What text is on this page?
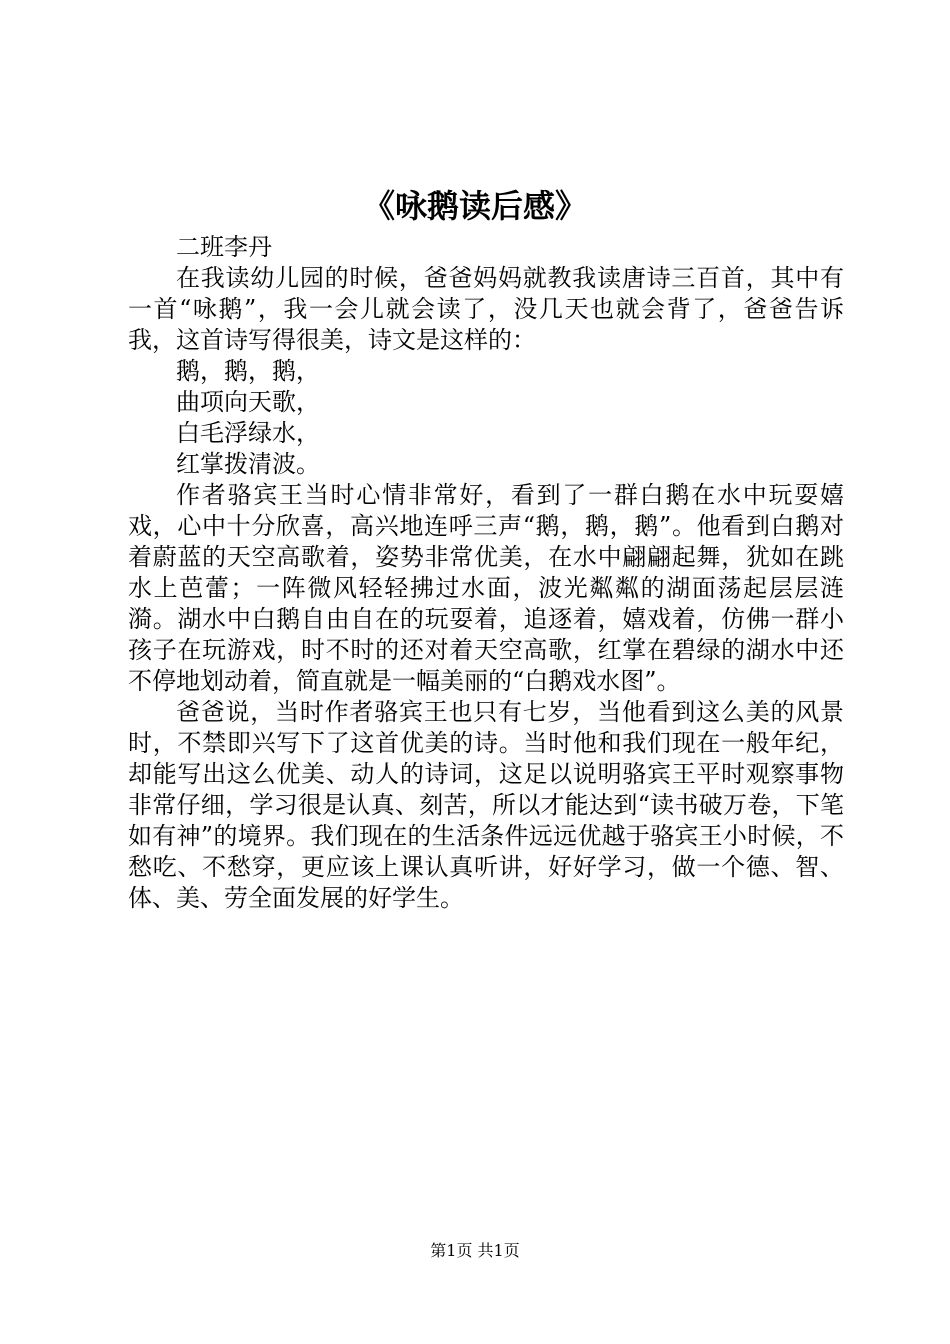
《咏鹅读后感》

二班李丹

在我读幼儿园的时候，爸爸妈妈就教我读唐诗三百首，其中有一首“咏鹅”，我一会儿就会读了，没几天也就会背了，爸爸告诉我，这首诗写得很美，诗文是这样的：

鹅，鹅，鹅，

曲项向天歌，

白毛浮绿水，

红掌拨清波。

作者骆宾王当时心情非常好，看到了一群白鹅在水中玩耍嬉戏，心中十分欣喜，高兴地连呼三声“鹅，鹅，鹅”。他看到白鹅对着蔚蓝的天空高歌着，姿势非常优美，在水中翩翩起舞，犹如在跳水上芭蕾；一阵微风轻轻拂过水面，波光粼粼的湖面荡起层层涟漪。湖水中白鹅自由自在的玩耍着，追逐着，嬉戏着，仿佛一群小孩子在玩游戏，时不时的还对着天空高歌，红掌在碧绿的湖水中还不停地划动着，简直就是一幅美丽的“白鹅戏水图”。

爸爸说，当时作者骆宾王也只有七岁，当他看到这么美的风景时，不禁即兴写下了这首优美的诗。当时他和我们现在一般年纪，却能写出这么优美、动人的诗词，这足以说明骆宾王平时观察事物非常仔细，学习很是认真、刻苦，所以才能达到“读书破万卷，下笔如有神”的境界。我们现在的生活条件远远优越于骆宾王小时候，不愁吃、不愁穿，更应该上课认真听讲，好好学习，做一个德、智、体、美、劳全面发展的好学生。

第1页 共1页
